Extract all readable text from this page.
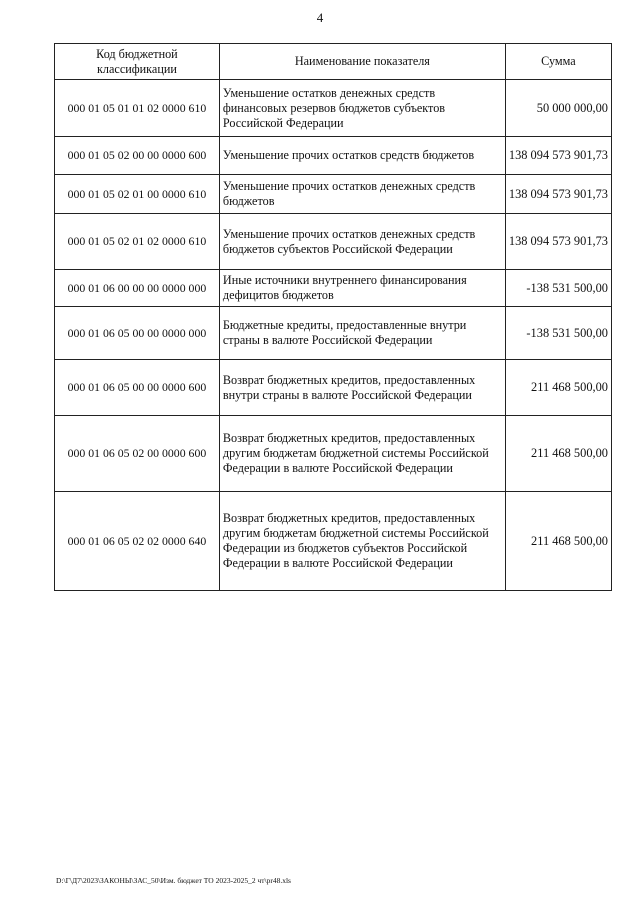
4
Код бюджетной классификации	Наименование показателя	Сумма
000 01 05 01 01 02 0000 610	Уменьшение остатков денежных средств финансовых резервов бюджетов субъектов Российской Федерации	50 000 000,00
000 01 05 02 00 00 0000 600	Уменьшение прочих остатков средств бюджетов	138 094 573 901,73
000 01 05 02 01 00 0000 610	Уменьшение прочих остатков денежных средств бюджетов	138 094 573 901,73
000 01 05 02 01 02 0000 610	Уменьшение прочих остатков денежных средств бюджетов субъектов Российской Федерации	138 094 573 901,73
000 01 06 00 00 00 0000 000	Иные источники внутреннего финансирования дефицитов бюджетов	-138 531 500,00
000 01 06 05 00 00 0000 000	Бюджетные кредиты, предоставленные внутри страны в валюте Российской Федерации	-138 531 500,00
000 01 06 05 00 00 0000 600	Возврат бюджетных кредитов, предоставленных внутри страны в валюте Российской Федерации	211 468 500,00
000 01 06 05 02 00 0000 600	Возврат бюджетных кредитов, предоставленных другим бюджетам бюджетной системы Российской Федерации в валюте Российской Федерации	211 468 500,00
000 01 06 05 02 02 0000 640	Возврат бюджетных кредитов, предоставленных другим бюджетам бюджетной системы Российской Федерации из бюджетов субъектов Российской Федерации в валюте Российской Федерации	211 468 500,00
D:\Г\Д7\2023\ЗАКОНЫ\ЗАС_50\Изм. бюджет ТО 2023-2025_2 чт\pr48.xls
